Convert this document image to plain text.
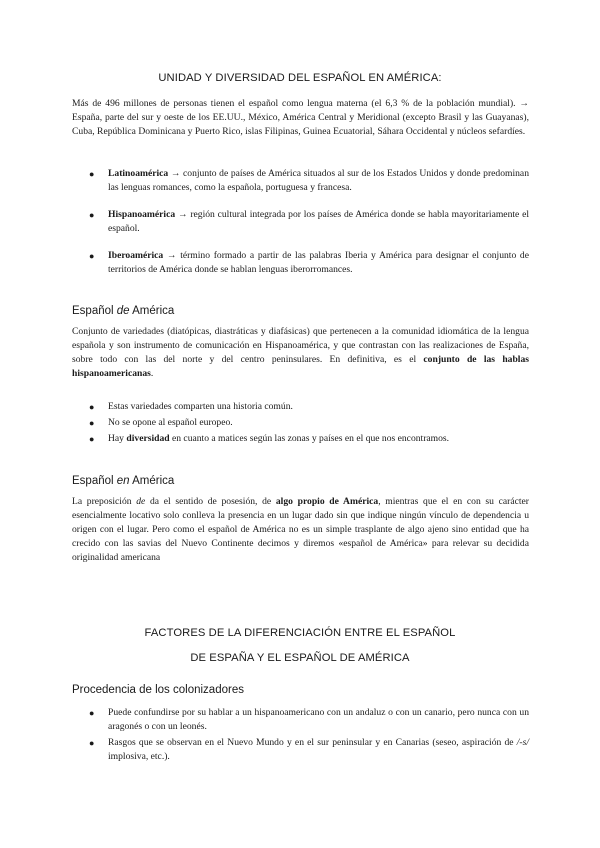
UNIDAD Y DIVERSIDAD DEL ESPAÑOL EN AMÉRICA:

Más de 496 millones de personas tienen el español como lengua materna (el 6,3 % de la población mundial). → España, parte del sur y oeste de los EE.UU., México, América Central y Meridional (excepto Brasil y las Guayanas), Cuba, República Dominicana y Puerto Rico, islas Filipinas, Guinea Ecuatorial, Sáhara Occidental y núcleos sefardíes.

● Latinoamérica → conjunto de países de América situados al sur de los Estados Unidos y donde predominan las lenguas romances, como la española, portuguesa y francesa.
● Hispanoamérica → región cultural integrada por los países de América donde se habla mayoritariamente el español.
● Iberoamérica → término formado a partir de las palabras Iberia y América para designar el conjunto de territorios de América donde se hablan lenguas iberorromances.
Español de América

Conjunto de variedades (diatópicas, diastráticas y diafásicas) que pertenecen a la comunidad idiomática de la lengua española y son instrumento de comunicación en Hispanoamérica, y que contrastan con las realizaciones de España, sobre todo con las del norte y del centro peninsulares. En definitiva, es el conjunto de las hablas hispanoamericanas.

● Estas variedades comparten una historia común.
● No se opone al español europeo.
● Hay diversidad en cuanto a matices según las zonas y países en el que nos encontramos.
Español en América

La preposición de da el sentido de posesión, de algo propio de América, mientras que el en con su carácter esencialmente locativo solo conlleva la presencia en un lugar dado sin que indique ningún vínculo de dependencia u origen con el lugar. Pero como el español de América no es un simple trasplante de algo ajeno sino entidad que ha crecido con las savias del Nuevo Continente decimos y diremos «español de América» para relevar su decidida originalidad americana

FACTORES DE LA DIFERENCIACIÓN ENTRE EL ESPAÑOL
DE ESPAÑA Y EL ESPAÑOL DE AMÉRICA
Procedencia de los colonizadores
● Puede confundirse por su hablar a un hispanoamericano con un andaluz o con un canario, pero nunca con un aragonés o con un leonés.
● Rasgos que se observan en el Nuevo Mundo y en el sur peninsular y en Canarias (seseo, aspiración de /-s/ implosiva, etc.).
